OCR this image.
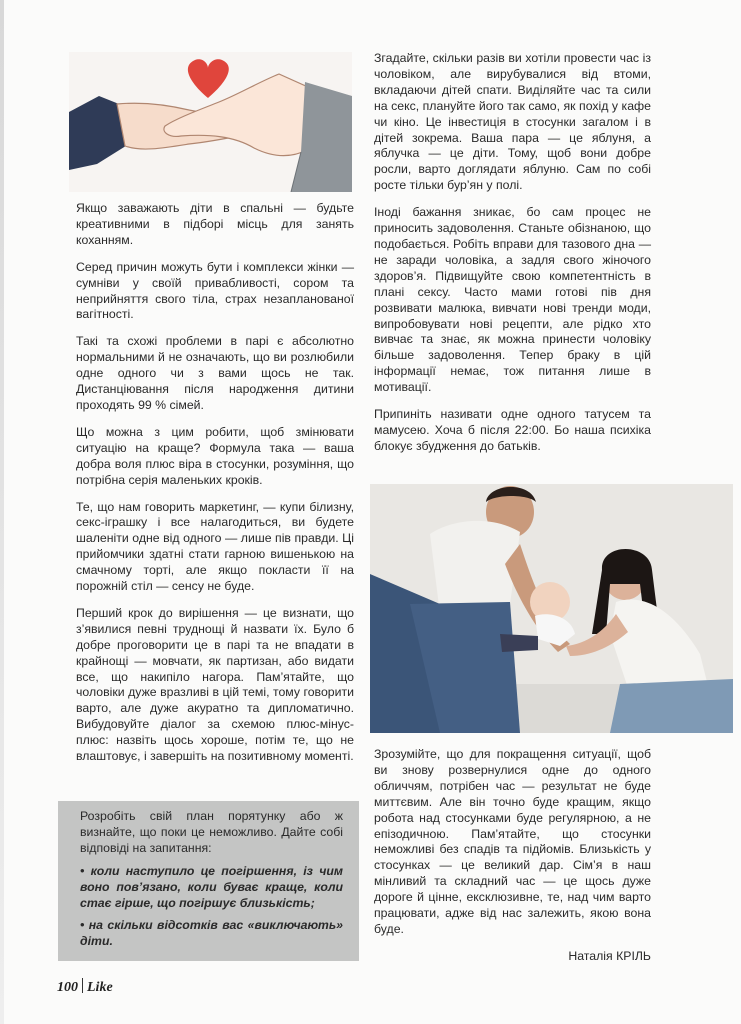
Якщо заважають діти в спальні — будьте креативними в підборі місць для занять коханням.

Серед причин можуть бути і комплекси жінки — сумніви у своїй привабливості, сором та неприйняття свого тіла, страх незапланованої вагітності.

Такі та схожі проблеми в парі є абсолютно нормальними й не означають, що ви розлюбили одне одного чи з вами щось не так. Дистанціювання після народження дитини проходять 99 % сімей.

Що можна з цим робити, щоб змінювати ситуацію на краще? Формула така — ваша добра воля плюс віра в стосунки, розуміння, що потрібна серія маленьких кроків.

Те, що нам говорить маркетинг, — купи білизну, секс-іграшку і все налагодиться, ви будете шаленіти одне від одного — лише пів правди. Ці прийомчики здатні стати гарною вишенькою на смачному торті, але якщо покласти її на порожній стіл — сенсу не буде.

Перший крок до вирішення — це визнати, що з’явилися певні труднощі й назвати їх. Було б добре проговорити це в парі та не впадати в крайнощі — мовчати, як партизан, або видати все, що накипіло нагора. Пам’ятайте, що чоловіки дуже вразливі в цій темі, тому говорити варто, але дуже акуратно та дипломатично. Вибудовуйте діалог за схемою плюс-мінус-плюс: назвіть щось хороше, потім те, що не влаштовує, і завершіть на позитивному моменті.

Розробіть свій план порятунку або ж визнайте, що поки це неможливо. Дайте собі відповіді на запитання:

• коли наступило це погіршення, із чим воно пов’язано, коли буває краще, коли стає гірше, що погіршує близькість;

• на скільки відсотків вас «виключають» діти.

Згадайте, скільки разів ви хотіли провести час із чоловіком, але вирубувалися від втоми, вкладаючи дітей спати. Виділяйте час та сили на секс, плануйте його так само, як похід у кафе чи кіно. Це інвестиція в стосунки загалом і в дітей зокрема. Ваша пара — це яблуня, а яблучка — це діти. Тому, щоб вони добре росли, варто доглядати яблуню. Сам по собі росте тільки бур’ян у полі.

Іноді бажання зникає, бо сам процес не приносить задоволення. Станьте обізнаною, що подобається. Робіть вправи для тазового дна — не заради чоловіка, а задля свого жіночого здоров’я. Підвищуйте свою компетентність в плані сексу. Часто мами готові пів дня розвивати малюка, вивчати нові тренди моди, випробовувати нові рецепти, але рідко хто вивчає та знає, як можна принести чоловіку більше задоволення. Тепер браку в цій інформації немає, тож питання лише в мотивації.

Припиніть називати одне одного татусем та мамусею. Хоча б після 22:00. Бо наша психіка блокує збудження до батьків.

Зрозумійте, що для покращення ситуації, щоб ви знову розвернулися одне до одного обличчям, потрібен час — результат не буде миттєвим. Але він точно буде кращим, якщо робота над стосунками буде регулярною, а не епізодичною. Пам’ятайте, що стосунки неможливі без спадів та підйомів. Близькість у стосунках — це великий дар. Сім’я в наш мінливий та складний час — це щось дуже дороге й цінне, ексклюзивне, те, над чим варто працювати, адже від нас залежить, якою вона буде.

Наталія КРІЛЬ
100 Like
